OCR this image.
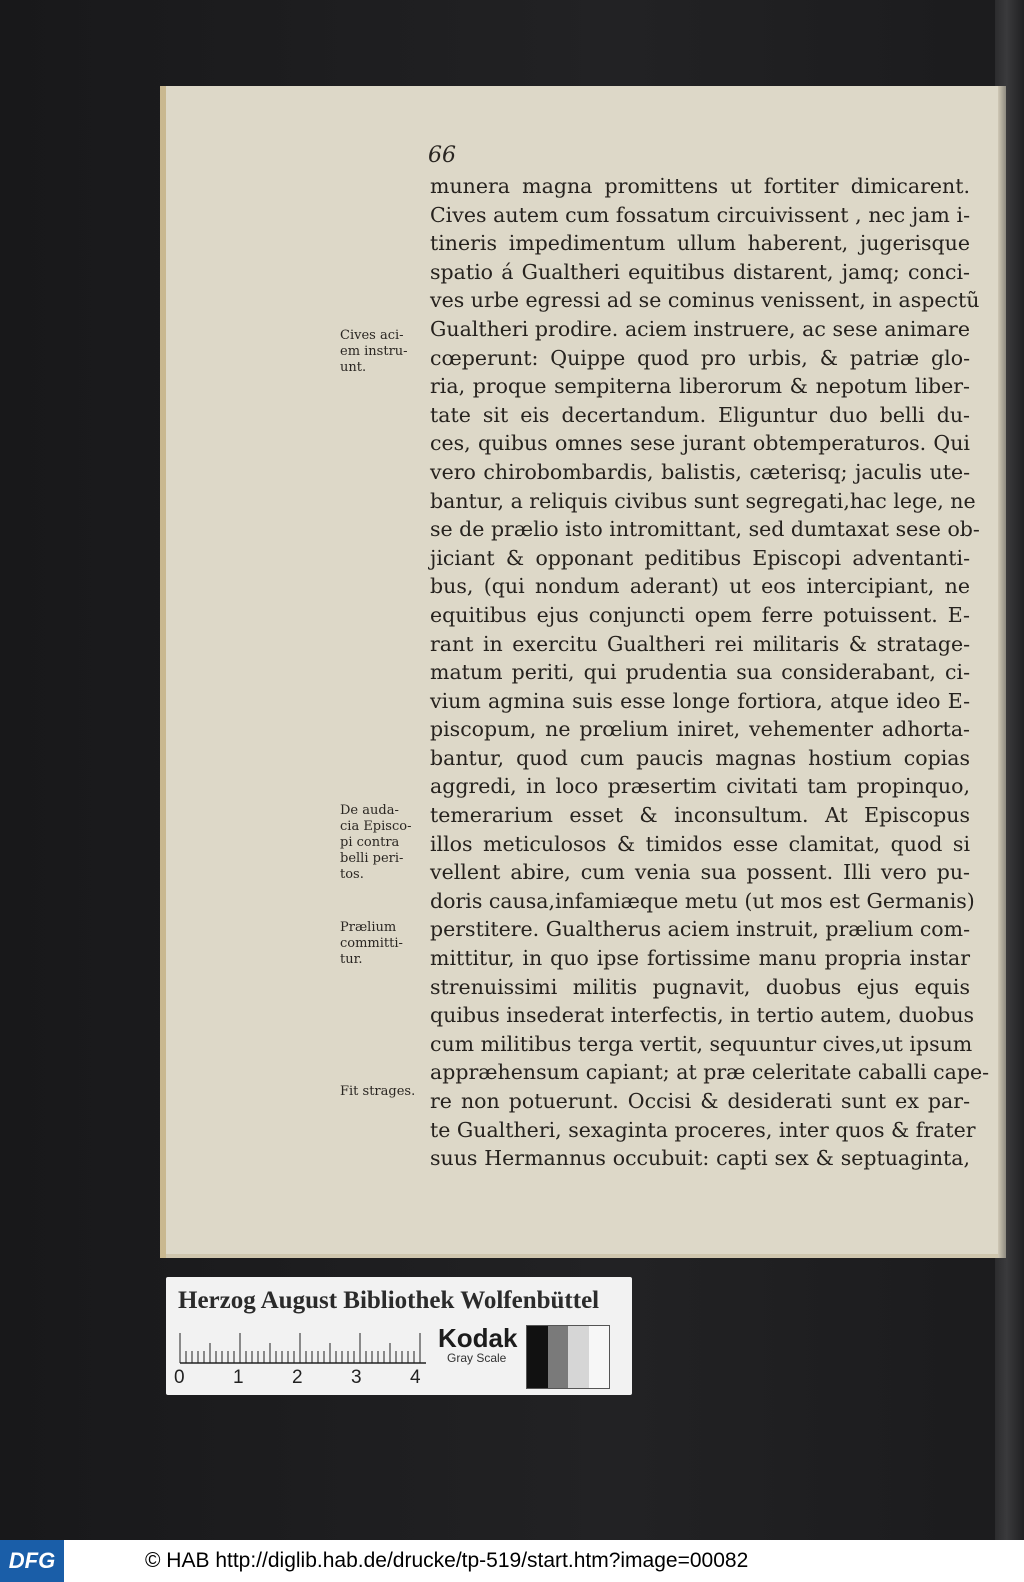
66
munera magna promittens ut fortiter dimicarent.
Cives autem cum fossatum circuivissent , nec jam i-
tineris impedimentum ullum haberent, jugerisque
spatio á Gualtheri equitibus distarent, jamq; conci-
ves urbe egressi ad se cominus venissent, in aspectũ
Gualtheri prodire. aciem instruere, ac sese animare
cœperunt: Quippe quod pro urbis, & patriæ glo-
ria, proque sempiterna liberorum & nepotum liber-
tate sit eis decertandum. Eliguntur duo belli du-
ces, quibus omnes sese jurant obtemperaturos. Qui
vero chirobombardis, balistis, cæterisq; jaculis ute-
bantur, a reliquis civibus sunt segregati,hac lege, ne
se de prælio isto intromittant, sed dumtaxat sese ob-
jiciant & opponant peditibus Episcopi adventanti-
bus, (qui nondum aderant) ut eos intercipiant, ne
equitibus ejus conjuncti opem ferre potuissent. E-
rant in exercitu Gualtheri rei militaris & stratage-
matum periti, qui prudentia sua considerabant, ci-
vium agmina suis esse longe fortiora, atque ideo E-
piscopum, ne prœlium iniret, vehementer adhorta-
bantur, quod cum paucis magnas hostium copias
aggredi, in loco præsertim civitati tam propinquo,
temerarium esset & inconsultum. At Episcopus
illos meticulosos & timidos esse clamitat, quod si
vellent abire, cum venia sua possent. Illi vero pu-
doris causa,infamiæque metu (ut mos est Germanis)
perstitere. Gualtherus aciem instruit, prælium com-
mittitur, in quo ipse fortissime manu propria instar
strenuissimi militis pugnavit, duobus ejus equis
quibus insederat interfectis, in tertio autem, duobus
cum militibus terga vertit, sequuntur cives,ut ipsum
appræhensum capiant; at præ celeritate caballi cape-
re non potuerunt. Occisi & desiderati sunt ex par-
te Gualtheri, sexaginta proceres, inter quos & frater
suus Hermannus occubuit: capti sex & septuaginta,
Cives aci-
em instru-
unt.
De audа-
cia Episco-
pi contra
belli peri-
tos.
Prælium
committi-
tur.
Fit strages.
Herzog August Bibliothek Wolfenbüttel
0	1	2	3	4
Kodak
Gray Scale
DFG	© HAB http://diglib.hab.de/drucke/tp-519/start.htm?image=00082
